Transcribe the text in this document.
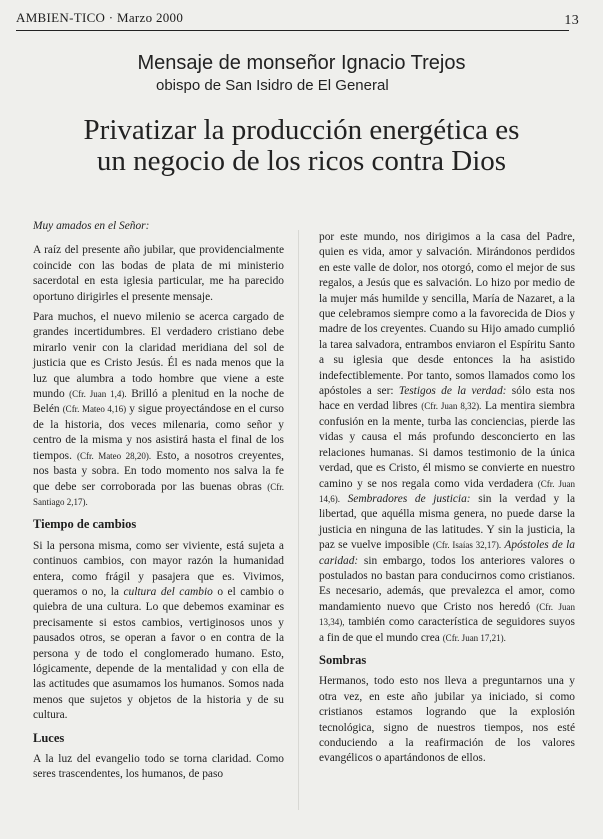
AMBIEN-TICO · Marzo 2000	13
Mensaje de monseñor Ignacio Trejos
obispo de San Isidro de El General
Privatizar la producción energética es
un negocio de los ricos contra Dios

Muy amados en el Señor:

A raíz del presente año jubilar, que providencialmente coincide con las bodas de plata de mi ministerio sacerdotal en esta iglesia particular, me ha parecido oportuno dirigirles el presente mensaje.

Para muchos, el nuevo milenio se acerca cargado de grandes incertidumbres. El verdadero cristiano debe mirarlo venir con la claridad meridiana del sol de justicia que es Cristo Jesús. Él es nada menos que la luz que alumbra a todo hombre que viene a este mundo (Cfr. Juan 1,4). Brilló a plenitud en la noche de Belén (Cfr. Mateo 4,16) y sigue proyectándose en el curso de la historia, dos veces milenaria, como señor y centro de la misma y nos asistirá hasta el final de los tiempos. (Cfr. Mateo 28,20). Esto, a nosotros creyentes, nos basta y sobra. En todo momento nos salva la fe que debe ser corroborada por las buenas obras (Cfr. Santiago 2,17).

Tiempo de cambios

Si la persona misma, como ser viviente, está sujeta a continuos cambios, con mayor razón la humanidad entera, como frágil y pasajera que es. Vivimos, queramos o no, la cultura del cambio o el cambio o quiebra de una cultura. Lo que debemos examinar es precisamente si estos cambios, vertiginosos unos y pausados otros, se operan a favor o en contra de la persona y de todo el conglomerado humano. Esto, lógicamente, depende de la mentalidad y con ella de las actitudes que asumamos los humanos. Somos nada menos que sujetos y objetos de la historia y de su cultura.

Luces

A la luz del evangelio todo se torna claridad. Como seres trascendentes, los humanos, de paso

por este mundo, nos dirigimos a la casa del Padre, quien es vida, amor y salvación. Mirándonos perdidos en este valle de dolor, nos otorgó, como el mejor de sus regalos, a Jesús que es salvación. Lo hizo por medio de la mujer más humilde y sencilla, María de Nazaret, a la que celebramos siempre como a la favorecida de Dios y madre de los creyentes. Cuando su Hijo amado cumplió la tarea salvadora, entrambos enviaron el Espíritu Santo a su iglesia que desde entonces la ha asistido indefectiblemente. Por tanto, somos llamados como los apóstoles a ser: Testigos de la verdad: sólo esta nos hace en verdad libres (Cfr. Juan 8,32). La mentira siembra confusión en la mente, turba las conciencias, pierde las vidas y causa el más profundo desconcierto en las relaciones humanas. Si damos testimonio de la única verdad, que es Cristo, él mismo se convierte en nuestro camino y se nos regala como vida verdadera (Cfr. Juan 14,6). Sembradores de justicia: sin la verdad y la libertad, que aquélla misma genera, no puede darse la justicia en ninguna de las latitudes. Y sin la justicia, la paz se vuelve imposible (Cfr. Isaías 32,17). Apóstoles de la caridad: sin embargo, todos los anteriores valores o postulados no bastan para conducirnos como cristianos. Es necesario, además, que prevalezca el amor, como mandamiento nuevo que Cristo nos heredó (Cfr. Juan 13,34), también como característica de seguidores suyos a fin de que el mundo crea (Cfr. Juan 17,21).

Sombras

Hermanos, todo esto nos lleva a preguntarnos una y otra vez, en este año jubilar ya iniciado, si como cristianos estamos logrando que la explosión tecnológica, signo de nuestros tiempos, nos esté conduciendo a la reafirmación de los valores evangélicos o apartándonos de ellos.
